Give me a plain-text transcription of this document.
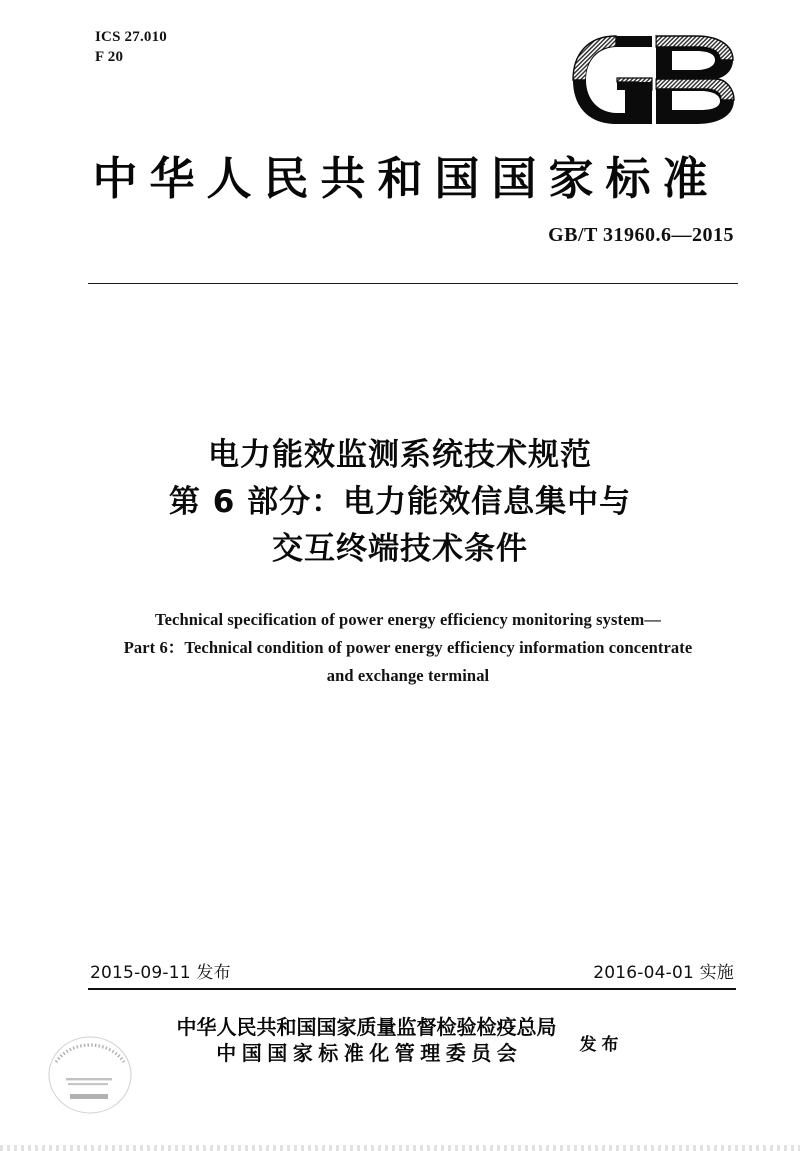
ICS 27.010
F 20
中华人民共和国国家标准
GB/T 31960.6—2015
电力能效监测系统技术规范
第 6 部分：电力能效信息集中与
交互终端技术条件
Technical specification of power energy efficiency monitoring system—
Part 6：Technical condition of power energy efficiency information concentrate
and exchange terminal
2015-09-11 发布	2016-04-01 实施
中华人民共和国国家质量监督检验检疫总局
中国国家标准化管理委员会	发布
